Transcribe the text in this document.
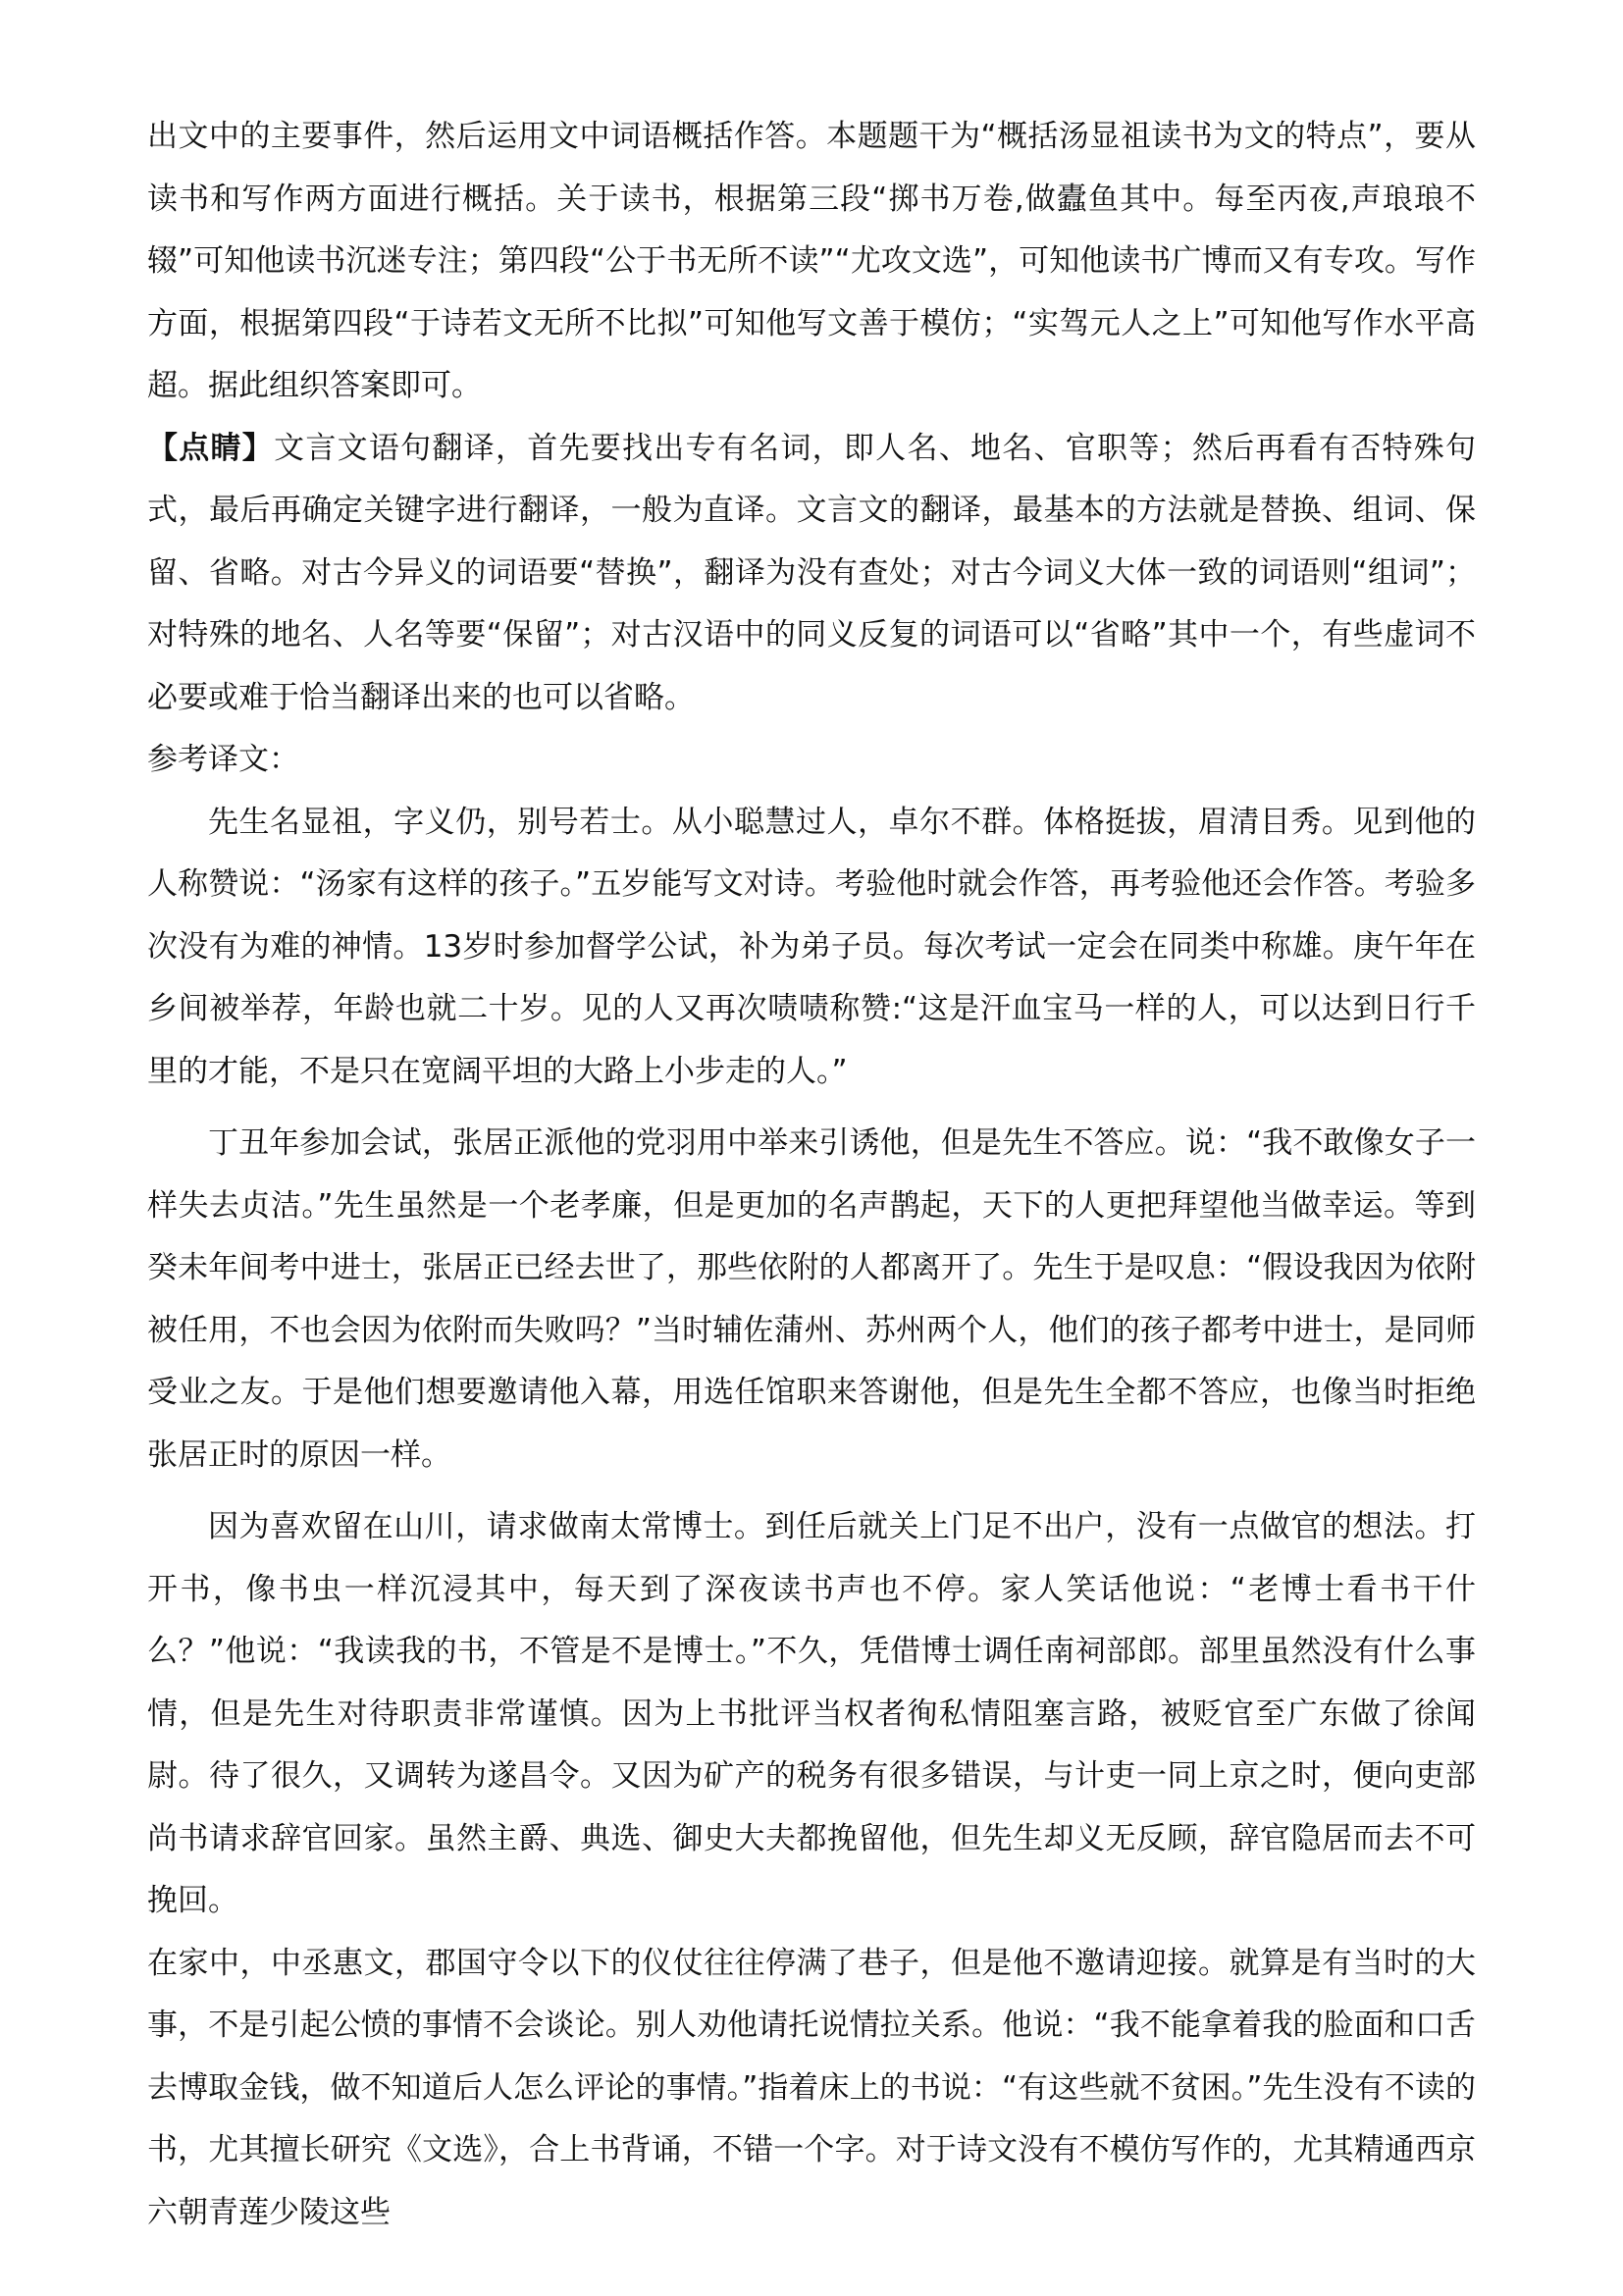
出文中的主要事件，然后运用文中词语概括作答。本题题干为“概括汤显祖读书为文的特点”，要从读书和写作两方面进行概括。关于读书，根据第三段“掷书万卷,做蠹鱼其中。每至丙夜,声琅琅不辍”可知他读书沉迷专注；第四段“公于书无所不读”“尤攻文选”，可知他读书广博而又有专攻。写作方面，根据第四段“于诗若文无所不比拟”可知他写文善于模仿；“实驾元人之上”可知他写作水平高超。据此组织答案即可。

【点睛】文言文语句翻译，首先要找出专有名词，即人名、地名、官职等；然后再看有否特殊句式，最后再确定关键字进行翻译，一般为直译。文言文的翻译，最基本的方法就是替换、组词、保留、省略。对古今异义的词语要“替换”，翻译为没有查处；对古今词义大体一致的词语则“组词”；对特殊的地名、人名等要“保留”；对古汉语中的同义反复的词语可以“省略”其中一个，有些虚词不必要或难于恰当翻译出来的也可以省略。

参考译文：

先生名显祖，字义仍，别号若士。从小聪慧过人，卓尔不群。体格挺拔，眉清目秀。见到他的人称赞说：“汤家有这样的孩子。”五岁能写文对诗。考验他时就会作答，再考验他还会作答。考验多次没有为难的神情。13岁时参加督学公试，补为弟子员。每次考试一定会在同类中称雄。庚午年在乡间被举荐，年龄也就二十岁。见的人又再次啧啧称赞:“这是汗血宝马一样的人，可以达到日行千里的才能，不是只在宽阔平坦的大路上小步走的人。”

丁丑年参加会试，张居正派他的党羽用中举来引诱他，但是先生不答应。说：“我不敢像女子一样失去贞洁。”先生虽然是一个老孝廉，但是更加的名声鹊起，天下的人更把拜望他当做幸运。等到癸未年间考中进士，张居正已经去世了，那些依附的人都离开了。先生于是叹息：“假设我因为依附被任用，不也会因为依附而失败吗？”当时辅佐蒲州、苏州两个人，他们的孩子都考中进士，是同师受业之友。于是他们想要邀请他入幕，用选任馆职来答谢他，但是先生全都不答应，也像当时拒绝张居正时的原因一样。

因为喜欢留在山川，请求做南太常博士。到任后就关上门足不出户，没有一点做官的想法。打开书，像书虫一样沉浸其中，每天到了深夜读书声也不停。家人笑话他说：“老博士看书干什么？”他说：“我读我的书，不管是不是博士。”不久，凭借博士调任南祠部郎。部里虽然没有什么事情，但是先生对待职责非常谨慎。因为上书批评当权者徇私情阻塞言路，被贬官至广东做了徐闻尉。待了很久，又调转为遂昌令。又因为矿产的税务有很多错误，与计吏一同上京之时，便向吏部尚书请求辞官回家。虽然主爵、典选、御史大夫都挽留他，但先生却义无反顾，辞官隐居而去不可挽回。

在家中，中丞惠文，郡国守令以下的仪仗往往停满了巷子，但是他不邀请迎接。就算是有当时的大事，不是引起公愤的事情不会谈论。别人劝他请托说情拉关系。他说：“我不能拿着我的脸面和口舌去博取金钱，做不知道后人怎么评论的事情。”指着床上的书说：“有这些就不贫困。”先生没有不读的书，尤其擅长研究《文选》，合上书背诵，不错一个字。对于诗文没有不模仿写作的，尤其精通西京六朝青莲少陵这些
